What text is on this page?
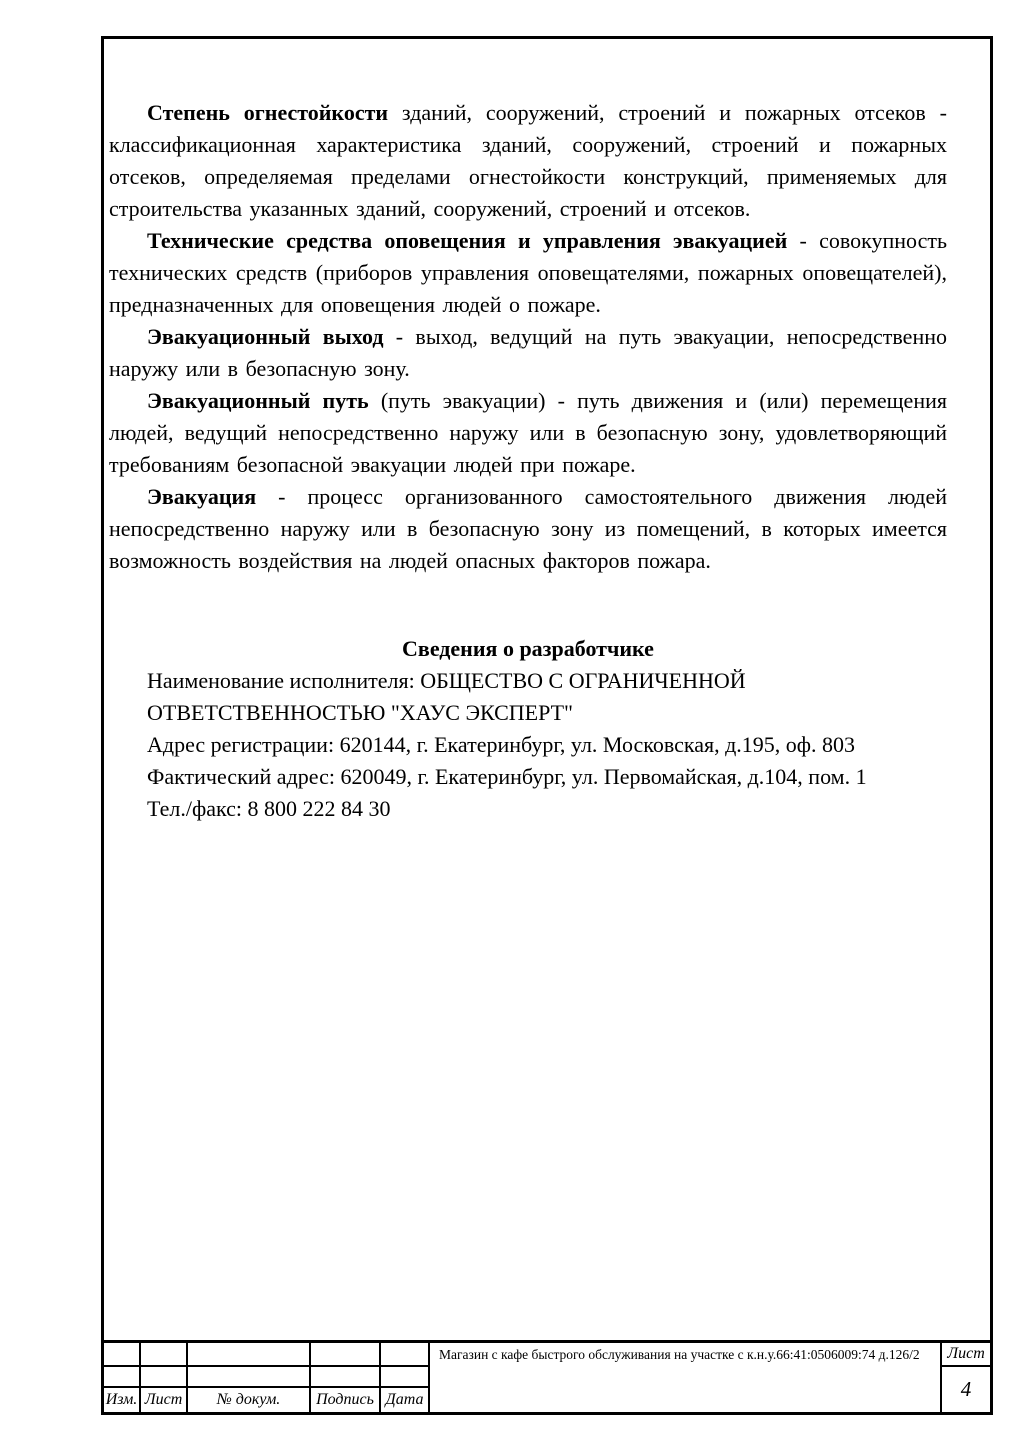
Степень огнестойкости зданий, сооружений, строений и пожарных отсеков - классификационная характеристика зданий, сооружений, строений и пожарных отсеков, определяемая пределами огнестойкости конструкций, применяемых для строительства указанных зданий, сооружений, строений и отсеков.

Технические средства оповещения и управления эвакуацией - совокупность технических средств (приборов управления оповещателями, пожарных оповещателей), предназначенных для оповещения людей о пожаре.

Эвакуационный выход - выход, ведущий на путь эвакуации, непосредственно наружу или в безопасную зону.

Эвакуационный путь (путь эвакуации) - путь движения и (или) перемещения людей, ведущий непосредственно наружу или в безопасную зону, удовлетворяющий требованиям безопасной эвакуации людей при пожаре.

Эвакуация - процесс организованного самостоятельного движения людей непосредственно наружу или в безопасную зону из помещений, в которых имеется возможность воздействия на людей опасных факторов пожара.

Сведения о разработчике
Наименование исполнителя: ОБЩЕСТВО С ОГРАНИЧЕННОЙ
ОТВЕТСТВЕННОСТЬЮ "ХАУС ЭКСПЕРТ"
Адрес регистрации: 620144, г. Екатеринбург, ул. Московская, д.195, оф. 803
Фактический адрес: 620049, г. Екатеринбург, ул. Первомайская, д.104, пом. 1
Тел./факс: 8 800 222 84 30
Изм. Лист	№ докум.	Подпись Дата
Магазин с кафе быстрого обслуживания на участке с к.н.у.66:41:0506009:74 д.126/2	Лист
4
